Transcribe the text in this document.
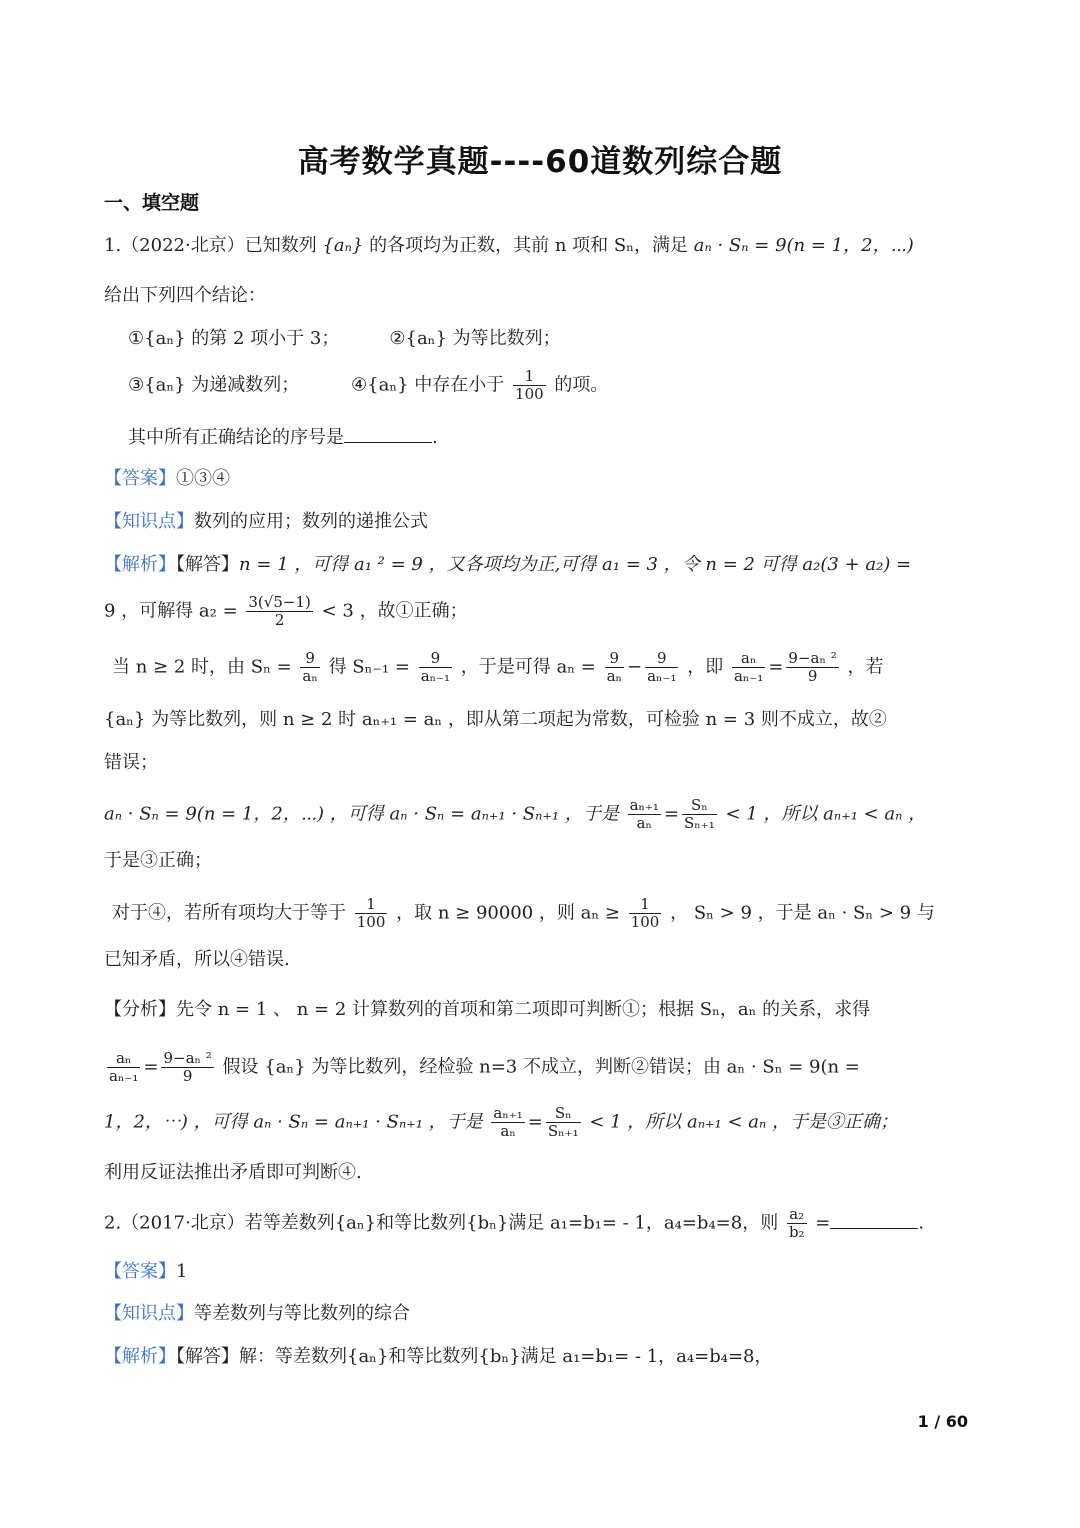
高考数学真题----60道数列综合题
一、填空题
1.（2022·北京）已知数列 {aₙ} 的各项均为正数，其前 n 项和 Sₙ，满足 aₙ · Sₙ = 9(n = 1，2，⋯)
给出下列四个结论：
①{aₙ} 的第 2 项小于 3；	②{aₙ} 为等比数列；
③{aₙ} 为递减数列；	④{aₙ} 中存在小于 $\frac{1}{100}$ 的项。
其中所有正确结论的序号是	.
【答案】①③④
【知识点】数列的应用；数列的递推公式
【解析】【解答】n = 1 ，可得 a₁ ² = 9 ，又各项均为正,可得 a₁ = 3 ，令 n = 2 可得 a₂(3 + a₂) =
9 ，可解得 $a_2 = \frac{3(√5-1)}{2} < 3$ ，故①正确；
当 n ≥ 2 时，由 $S_n = \frac{9}{\text{aₙ}}$ 得 $S_{n-1} = \frac{9}{\text{aₙ₋₁}}$ ，于是可得 $a_n = \frac{9}{\text{aₙ}} - \frac{9}{\text{aₙ₋₁}}$ ，即 $\frac{\text{aₙ}}{\text{aₙ₋₁}} = \frac{\text{9−aₙ ²}}{9}$ ，若
{aₙ} 为等比数列，则 n ≥ 2 时 aₙ₊₁ = aₙ ，即从第二项起为常数，可检验 n = 3 则不成立，故②
错误；
aₙ · Sₙ = 9(n = 1，2，⋯) ，可得 aₙ · Sₙ = aₙ₊₁ · Sₙ₊₁ ，于是 $\frac{\text{aₙ₊₁}}{\text{aₙ}} = \frac{\text{Sₙ}}{\text{Sₙ₊₁}} < 1$ ，所以 aₙ₊₁ < aₙ ，
于是③正确；
对于④，若所有项均大于等于 $\frac{1}{100}$ ，取 n ≥ 90000 ，则 $a_n \ge \frac{1}{100}$ ， Sₙ > 9 ，于是 aₙ · Sₙ > 9 与
已知矛盾，所以④错误.
【分析】先令 n = 1 、 n = 2 计算数列的首项和第二项即可判断①；根据 Sₙ，aₙ 的关系，求得
$\frac{\text{aₙ}}{\text{aₙ₋₁}} = \frac{\text{9−aₙ ²}}{9}$ 假设 {aₙ} 为等比数列，经检验 n=3 不成立，判断②错误；由 aₙ · Sₙ = 9(n =
1，2，⋯) ，可得 aₙ · Sₙ = aₙ₊₁ · Sₙ₊₁ ，于是 $\frac{\text{aₙ₊₁}}{\text{aₙ}} = \frac{\text{Sₙ}}{\text{Sₙ₊₁}} < 1$ ，所以 aₙ₊₁ < aₙ ，于是③正确；
利用反证法推出矛盾即可判断④.
2.（2017·北京）若等差数列{aₙ}和等比数列{bₙ}满足 a₁=b₁= - 1，a₄=b₄=8，则 $\frac{\text{a₂}}{\text{b₂}}$ =	.
【答案】1
【知识点】等差数列与等比数列的综合
【解析】【解答】解：等差数列{aₙ}和等比数列{bₙ}满足 a₁=b₁= - 1，a₄=b₄=8，
1 / 60
